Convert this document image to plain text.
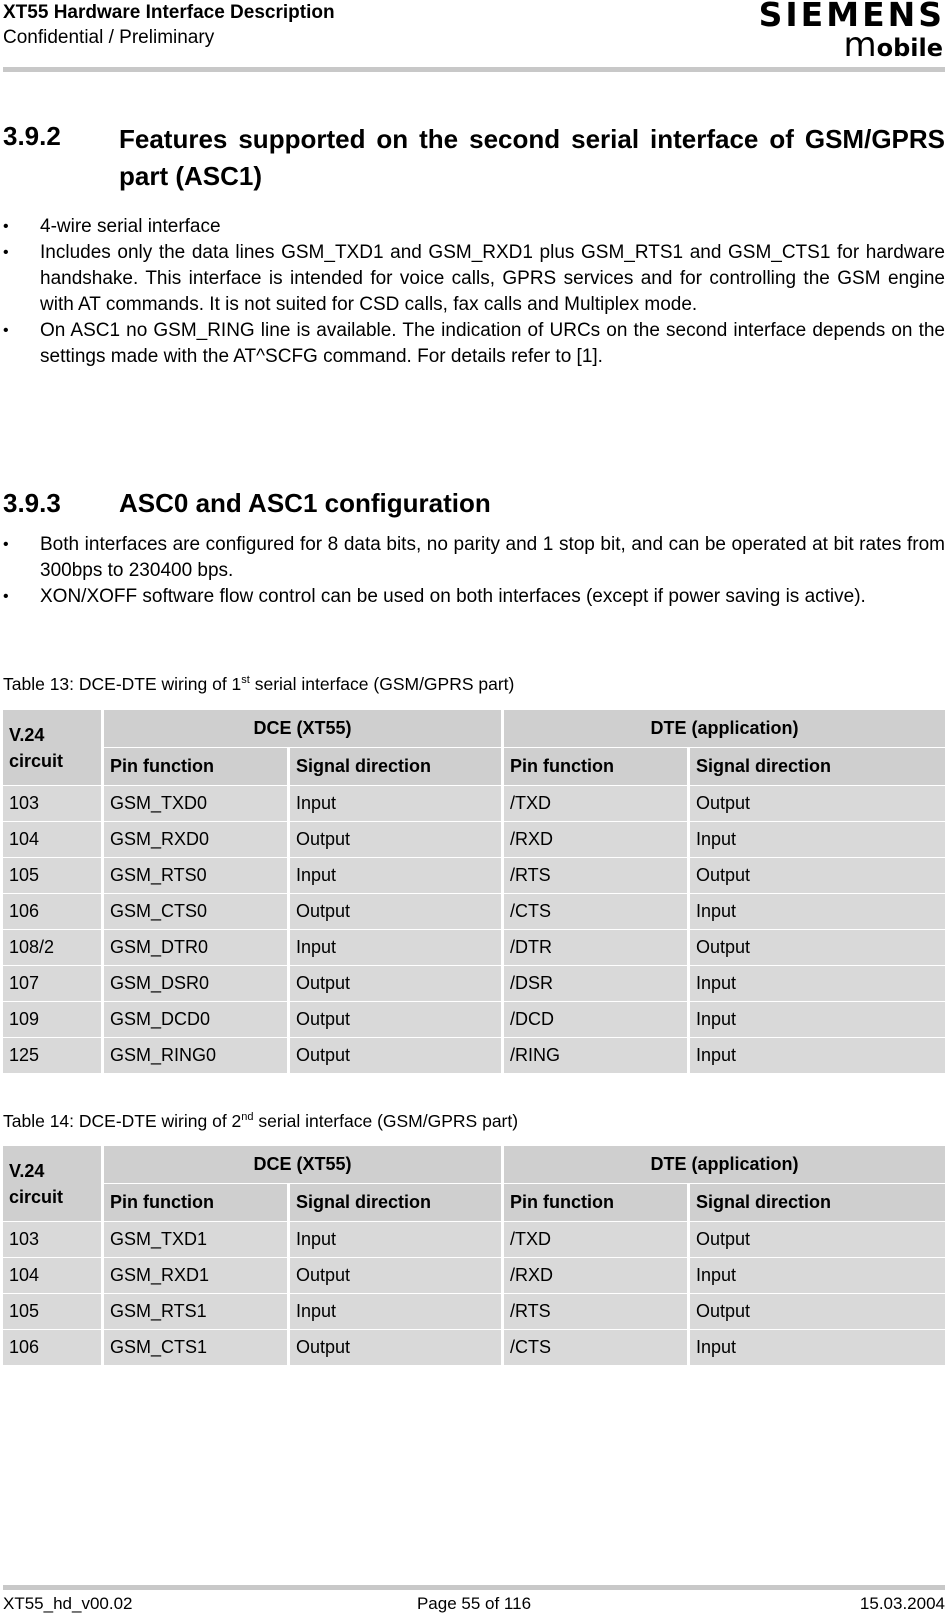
XT55 Hardware Interface Description
Confidential / Preliminary
SIEMENS
mobile
3.9.2 Features supported on the second serial interface of GSM/GPRS part (ASC1)
• 4-wire serial interface
• Includes only the data lines GSM_TXD1 and GSM_RXD1 plus GSM_RTS1 and GSM_CTS1 for hardware handshake. This interface is intended for voice calls, GPRS services and for controlling the GSM engine with AT commands. It is not suited for CSD calls, fax calls and Multiplex mode.
• On ASC1 no GSM_RING line is available. The indication of URCs on the second interface depends on the settings made with the AT^SCFG command. For details refer to [1].
3.9.3 ASC0 and ASC1 configuration
• Both interfaces are configured for 8 data bits, no parity and 1 stop bit, and can be operated at bit rates from 300bps to 230400 bps.
• XON/XOFF software flow control can be used on both interfaces (except if power saving is active).
Table 13: DCE-DTE wiring of 1st serial interface (GSM/GPRS part)
V.24 circuit	DCE (XT55)		DTE (application)	
	Pin function	Signal direction	Pin function	Signal direction
103	GSM_TXD0	Input	/TXD	Output
104	GSM_RXD0	Output	/RXD	Input
105	GSM_RTS0	Input	/RTS	Output
106	GSM_CTS0	Output	/CTS	Input
108/2	GSM_DTR0	Input	/DTR	Output
107	GSM_DSR0	Output	/DSR	Input
109	GSM_DCD0	Output	/DCD	Input
125	GSM_RING0	Output	/RING	Input
Table 14: DCE-DTE wiring of 2nd serial interface (GSM/GPRS part)
V.24 circuit	DCE (XT55)		DTE (application)	
	Pin function	Signal direction	Pin function	Signal direction
103	GSM_TXD1	Input	/TXD	Output
104	GSM_RXD1	Output	/RXD	Input
105	GSM_RTS1	Input	/RTS	Output
106	GSM_CTS1	Output	/CTS	Input
XT55_hd_v00.02	Page 55 of 116	15.03.2004
